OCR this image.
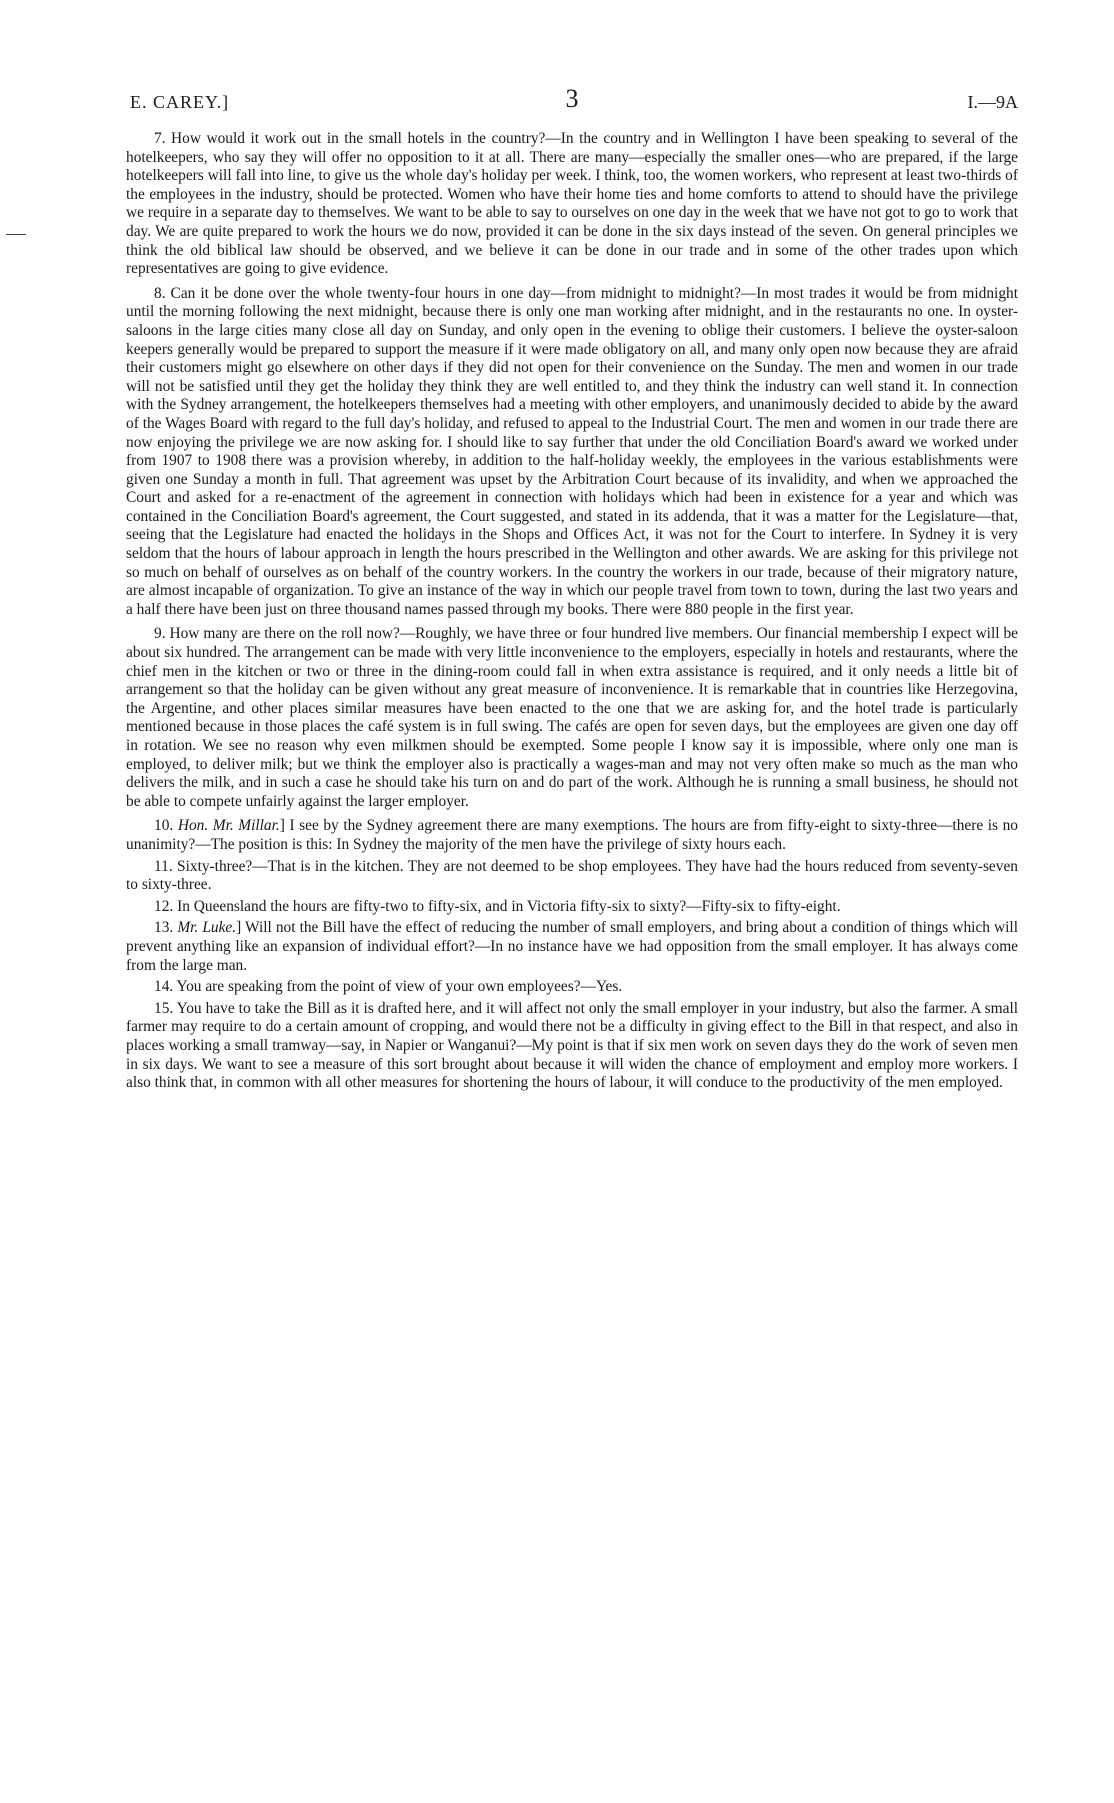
E. CAREY.]	3	I.—9A

7. How would it work out in the small hotels in the country?—In the country and in Wellington I have been speaking to several of the hotelkeepers, who say they will offer no opposition to it at all. There are many—especially the smaller ones—who are prepared, if the large hotelkeepers will fall into line, to give us the whole day's holiday per week. I think, too, the women workers, who represent at least two-thirds of the employees in the industry, should be protected. Women who have their home ties and home comforts to attend to should have the privilege we require in a separate day to themselves. We want to be able to say to ourselves on one day in the week that we have not got to go to work that day. We are quite prepared to work the hours we do now, provided it can be done in the six days instead of the seven. On general principles we think the old biblical law should be observed, and we believe it can be done in our trade and in some of the other trades upon which representatives are going to give evidence.

8. Can it be done over the whole twenty-four hours in one day—from midnight to midnight?—In most trades it would be from midnight until the morning following the next midnight, because there is only one man working after midnight, and in the restaurants no one. In oyster-saloons in the large cities many close all day on Sunday, and only open in the evening to oblige their customers. I believe the oyster-saloon keepers generally would be prepared to support the measure if it were made obligatory on all, and many only open now because they are afraid their customers might go elsewhere on other days if they did not open for their convenience on the Sunday. The men and women in our trade will not be satisfied until they get the holiday they think they are well entitled to, and they think the industry can well stand it. In connection with the Sydney arrangement, the hotelkeepers themselves had a meeting with other employers, and unanimously decided to abide by the award of the Wages Board with regard to the full day's holiday, and refused to appeal to the Industrial Court. The men and women in our trade there are now enjoying the privilege we are now asking for. I should like to say further that under the old Conciliation Board's award we worked under from 1907 to 1908 there was a provision whereby, in addition to the half-holiday weekly, the employees in the various establishments were given one Sunday a month in full. That agreement was upset by the Arbitration Court because of its invalidity, and when we approached the Court and asked for a re-enactment of the agreement in connection with holidays which had been in existence for a year and which was contained in the Conciliation Board's agreement, the Court suggested, and stated in its addenda, that it was a matter for the Legislature—that, seeing that the Legislature had enacted the holidays in the Shops and Offices Act, it was not for the Court to interfere. In Sydney it is very seldom that the hours of labour approach in length the hours prescribed in the Wellington and other awards. We are asking for this privilege not so much on behalf of ourselves as on behalf of the country workers. In the country the workers in our trade, because of their migratory nature, are almost incapable of organization. To give an instance of the way in which our people travel from town to town, during the last two years and a half there have been just on three thousand names passed through my books. There were 880 people in the first year.

9. How many are there on the roll now?—Roughly, we have three or four hundred live members. Our financial membership I expect will be about six hundred. The arrangement can be made with very little inconvenience to the employers, especially in hotels and restaurants, where the chief men in the kitchen or two or three in the dining-room could fall in when extra assistance is required, and it only needs a little bit of arrangement so that the holiday can be given without any great measure of inconvenience. It is remarkable that in countries like Herzegovina, the Argentine, and other places similar measures have been enacted to the one that we are asking for, and the hotel trade is particularly mentioned because in those places the café system is in full swing. The cafés are open for seven days, but the employees are given one day off in rotation. We see no reason why even milkmen should be exempted. Some people I know say it is impossible, where only one man is employed, to deliver milk; but we think the employer also is practically a wages-man and may not very often make so much as the man who delivers the milk, and in such a case he should take his turn on and do part of the work. Although he is running a small business, he should not be able to compete unfairly against the larger employer.

10. Hon. Mr. Millar.] I see by the Sydney agreement there are many exemptions. The hours are from fifty-eight to sixty-three—there is no unanimity?—The position is this: In Sydney the majority of the men have the privilege of sixty hours each.

11. Sixty-three?—That is in the kitchen. They are not deemed to be shop employees. They have had the hours reduced from seventy-seven to sixty-three.

12. In Queensland the hours are fifty-two to fifty-six, and in Victoria fifty-six to sixty?—Fifty-six to fifty-eight.

13. Mr. Luke.] Will not the Bill have the effect of reducing the number of small employers, and bring about a condition of things which will prevent anything like an expansion of individual effort?—In no instance have we had opposition from the small employer. It has always come from the large man.

14. You are speaking from the point of view of your own employees?—Yes.

15. You have to take the Bill as it is drafted here, and it will affect not only the small employer in your industry, but also the farmer. A small farmer may require to do a certain amount of cropping, and would there not be a difficulty in giving effect to the Bill in that respect, and also in places working a small tramway—say, in Napier or Wanganui?—My point is that if six men work on seven days they do the work of seven men in six days. We want to see a measure of this sort brought about because it will widen the chance of employment and employ more workers. I also think that, in common with all other measures for shortening the hours of labour, it will conduce to the productivity of the men employed.
